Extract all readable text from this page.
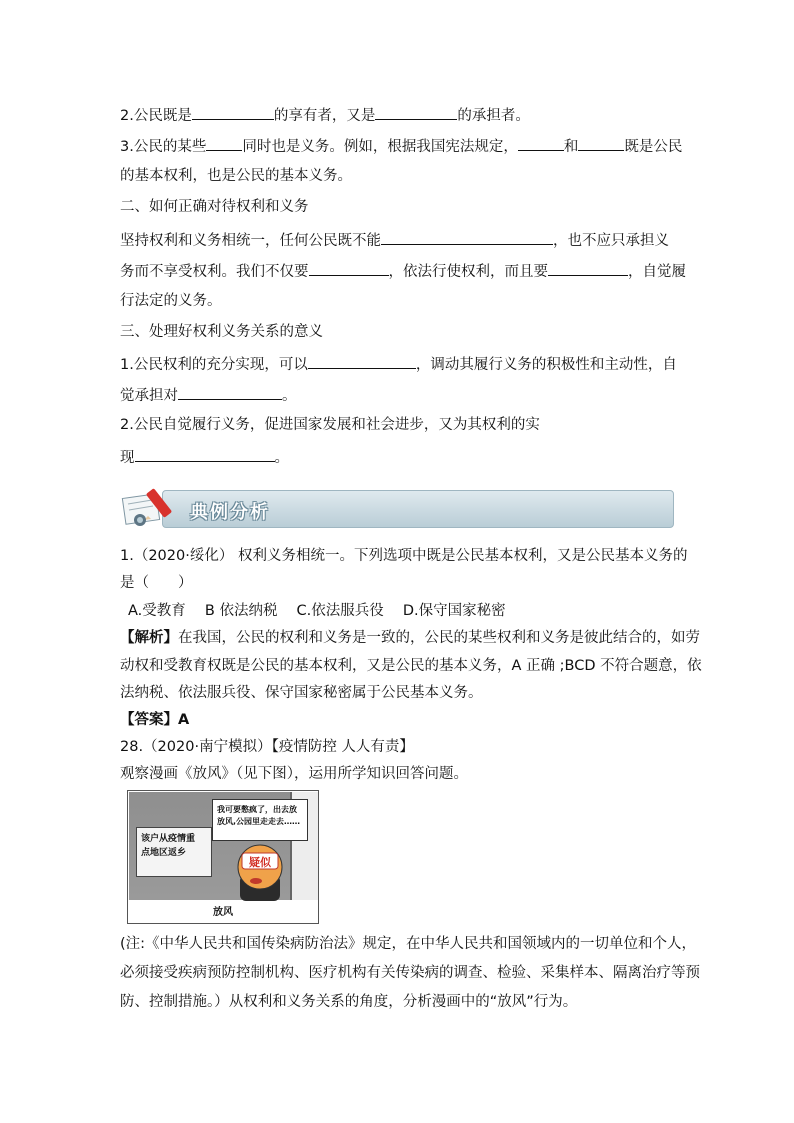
2.公民既是	的享有者，又是	的承担者。
3.公民的某些 同时也是义务。例如，根据我国宪法规定，	和	既是公民
的基本权利，也是公民的基本义务。
二、如何正确对待权利和义务
坚持权利和义务相统一，任何公民既不能	，也不应只承担义
务而不享受权利。我们不仅要	，依法行使权利，而且要	，自觉履
行法定的义务。
三、处理好权利义务关系的意义
1.公民权利的充分实现，可以	，调动其履行义务的积极性和主动性，自
觉承担对	。
2.公民自觉履行义务，促进国家发展和社会进步，又为其权利的实
现	。
典例分析
1.（2020·绥化） 权利义务相统一。下列选项中既是公民基本权利，又是公民基本义务的
是（　　）
A.受教育　 B 依法纳税　 C.依法服兵役　 D.保守国家秘密
【解析】在我国，公民的权利和义务是一致的，公民的某些权利和义务是彼此结合的，如劳
动权和受教育权既是公民的基本权利，又是公民的基本义务，A 正确 ;BCD 不符合题意，依
法纳税、依法服兵役、保守国家秘密属于公民基本义务。
【答案】A
28.（2020·南宁模拟）【疫情防控 人人有责】
观察漫画《放风》（见下图），运用所学知识回答问题。
该户从疫情重
点地区返乡
我可要憋疯了，出去放
放风,公园里走走去……
疑似
放风
(注:《中华人民共和国传染病防治法》规定，在中华人民共和国领域内的一切单位和个人，
必须接受疾病预防控制机构、医疗机构有关传染病的调查、检验、采集样本、隔离治疗等预
防、控制措施。）从权利和义务关系的角度，分析漫画中的“放风”行为。
